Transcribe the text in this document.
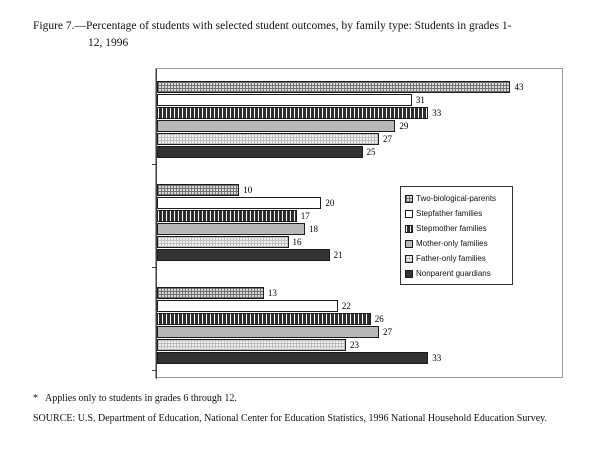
Figure 7.—Percentage of students with selected student outcomes, by family type: Students in grades 1-
12, 1996
43
31
33
29
27
25
10
20
17
18
16
21
13
22
26
27
23
33
Two-biological-parents
Stepfather families
Stepmother families
Mother-only families
Father-only families
Nonparent guardians
* Applies only to students in grades 6 through 12.
SOURCE: U.S. Department of Education, National Center for Education Statistics, 1996 National Household Education Survey.
